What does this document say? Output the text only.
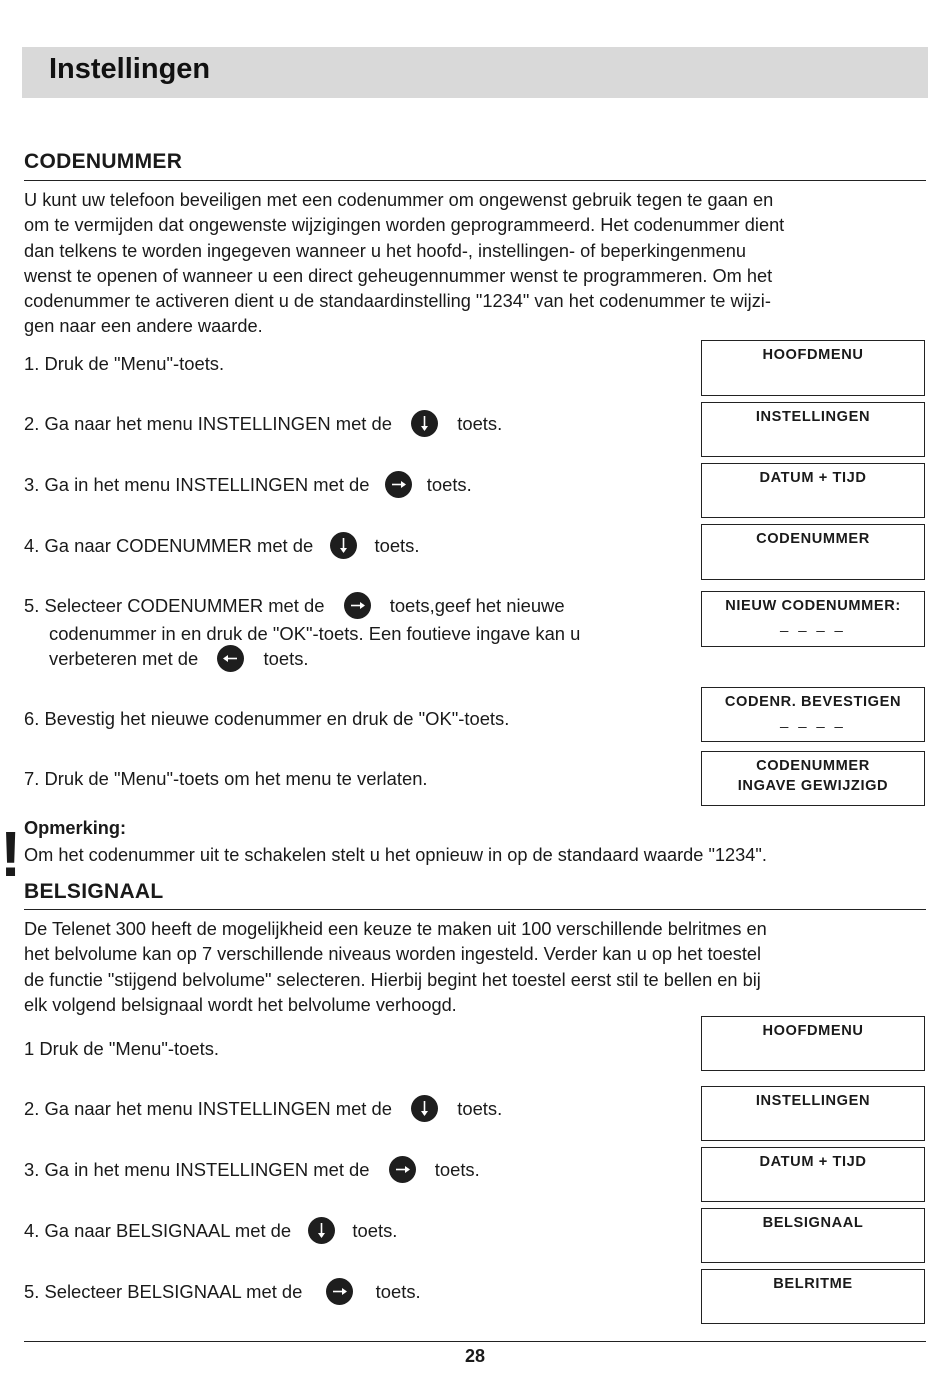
Instellingen
CODENUMMER
U kunt uw telefoon beveiligen met een codenummer om ongewenst gebruik tegen te gaan en
om te vermijden dat ongewenste wijzigingen worden geprogrammeerd. Het codenummer dient
dan telkens te worden ingegeven wanneer u het hoofd-, instellingen- of beperkingenmenu
wenst te openen of wanneer u een direct geheugennummer wenst te programmeren. Om het
codenummer te activeren dient u de standaardinstelling "1234" van het codenummer te wijzi-
gen naar een andere waarde.
1. Druk de "Menu"-toets.
2. Ga naar het menu INSTELLINGEN met de	toets.
3. Ga in het menu INSTELLINGEN met de	toets.
4. Ga naar CODENUMMER met de	toets.
5. Selecteer CODENUMMER met de	toets,geef het nieuwe
codenummer in en druk de "OK"-toets. Een foutieve ingave kan u
verbeteren met de	toets.
6. Bevestig het nieuwe codenummer en druk de "OK"-toets.
7. Druk de "Menu"-toets om het menu te verlaten.
HOOFDMENU
INSTELLINGEN
DATUM + TIJD
CODENUMMER
NIEUW CODENUMMER:
_ _ _ _
CODENR. BEVESTIGEN
_ _ _ _
CODENUMMER
INGAVE GEWIJZIGD
! Opmerking:
Om het codenummer uit te schakelen stelt u het opnieuw in op de standaard waarde "1234".
BELSIGNAAL
De Telenet 300 heeft de mogelijkheid een keuze te maken uit 100 verschillende belritmes en
het belvolume kan op 7 verschillende niveaus worden ingesteld. Verder kan u op het toestel
de functie "stijgend belvolume" selecteren. Hierbij begint het toestel eerst stil te bellen en bij
elk volgend belsignaal wordt het belvolume verhoogd.
1 Druk de "Menu"-toets.
2. Ga naar het menu INSTELLINGEN met de	toets.
3. Ga in het menu INSTELLINGEN met de	toets.
4. Ga naar BELSIGNAAL met de	toets.
5. Selecteer BELSIGNAAL met de	toets.
HOOFDMENU
INSTELLINGEN
DATUM + TIJD
BELSIGNAAL
BELRITME
28
